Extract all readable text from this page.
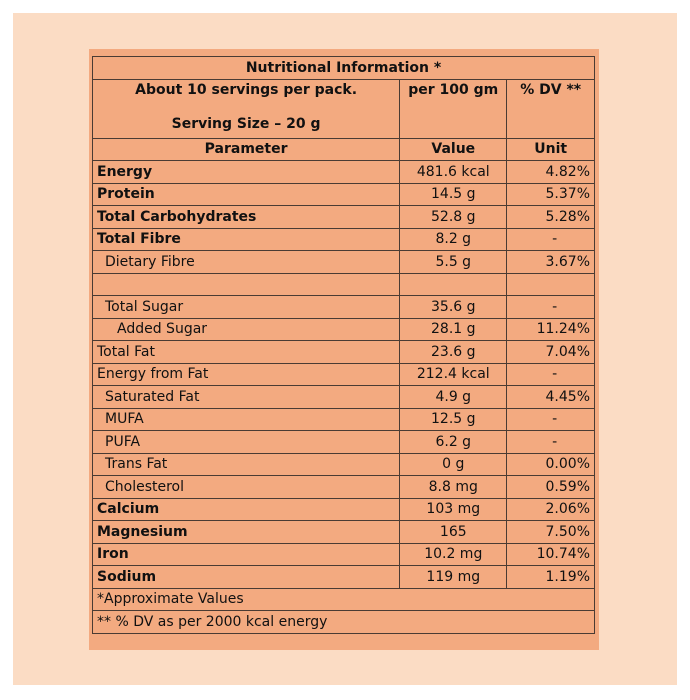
Nutritional Information *		

About 10 servings per pack.
Serving Size – 20 g	per 100 gm	% DV **
Parameter	Value	Unit
Energy	481.6 kcal	4.82%
Protein	14.5 g	5.37%
Total Carbohydrates	52.8 g	5.28%
Total Fibre	8.2 g	-
Dietary Fibre	5.5 g	3.67%

Total Sugar	35.6 g	-
Added Sugar	28.1 g	11.24%
Total Fat	23.6 g	7.04%
Energy from Fat	212.4 kcal	-
Saturated Fat	4.9 g	4.45%
MUFA	12.5 g	-
PUFA	6.2 g	-
Trans Fat	0 g	0.00%
Cholesterol	8.8 mg	0.59%
Calcium	103 mg	2.06%
Magnesium	165	7.50%
Iron	10.2 mg	10.74%
Sodium	119 mg	1.19%
*Approximate Values		
** % DV as per 2000 kcal energy		
